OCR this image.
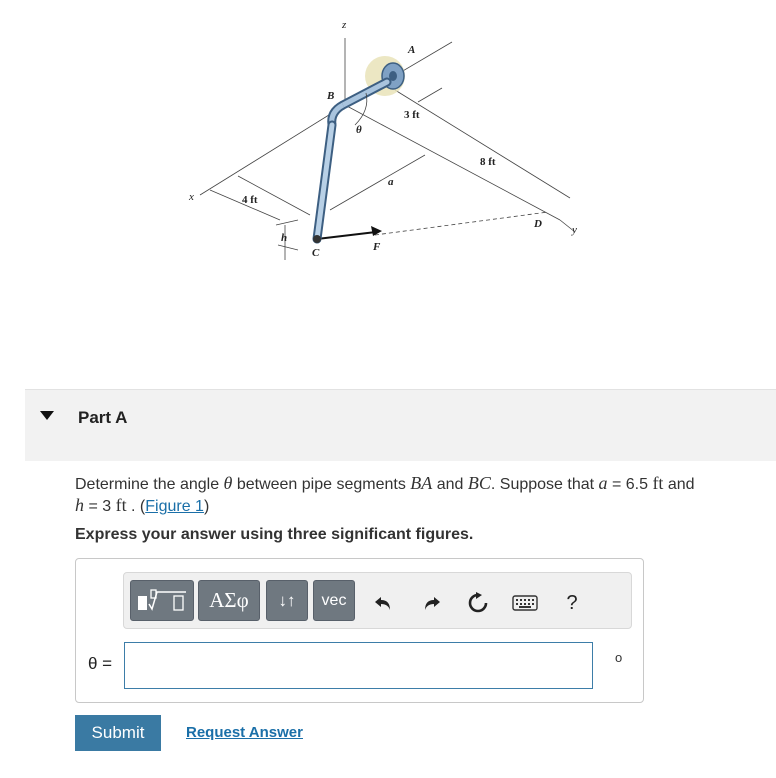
z
A
B
θ
3 ft
8 ft
a
x	4 ft
h
C	F
D	y
Part A
Determine the angle θ between pipe segments BA and BC. Suppose that a = 6.5 ft and
h = 3 ft . (Figure 1)
Express your answer using three significant figures.
ΑΣφ	↓↑	vec	?
θ =	o
Submit	Request Answer
